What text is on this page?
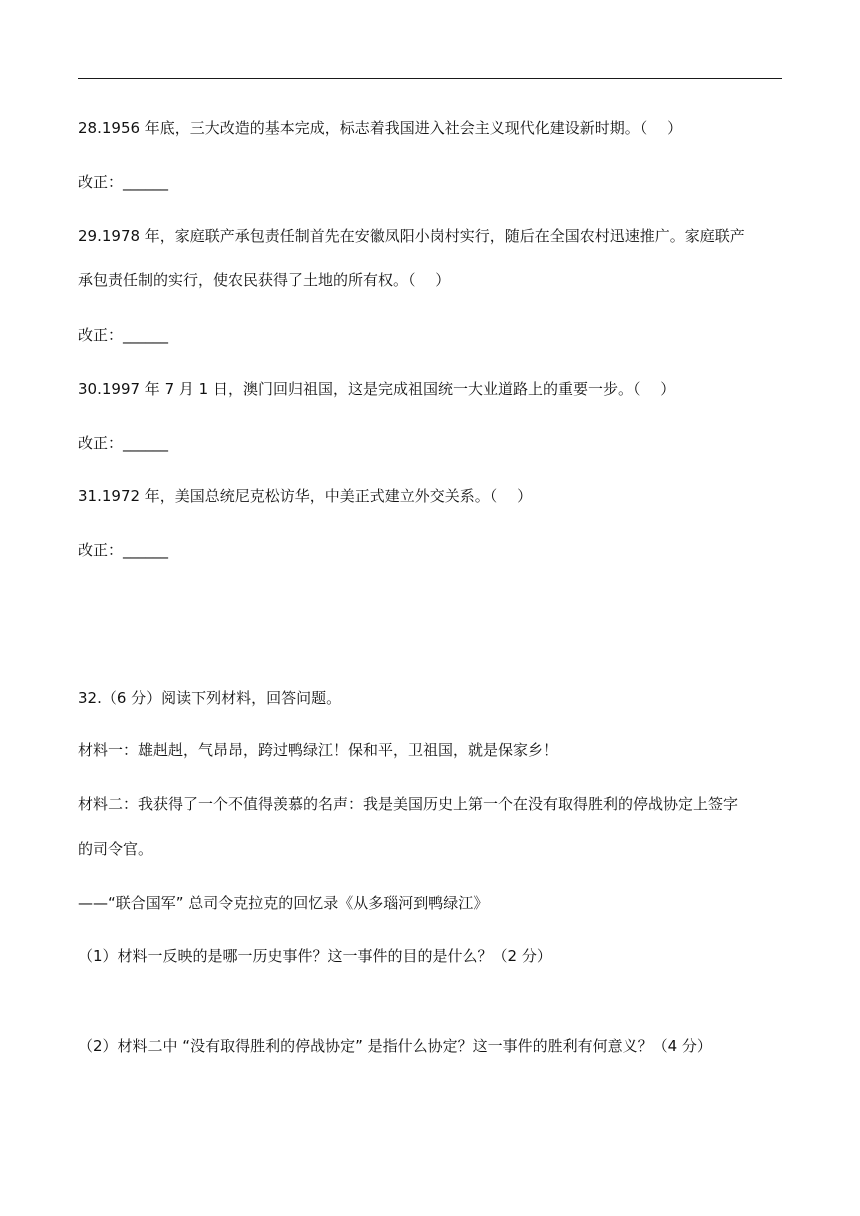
28.1956 年底，三大改造的基本完成，标志着我国进入社会主义现代化建设新时期。（　 ）
改正：______
29.1978 年，家庭联产承包责任制首先在安徽凤阳小岗村实行，随后在全国农村迅速推广。家庭联产
承包责任制的实行，使农民获得了土地的所有权。（　 ）
改正：______
30.1997 年 7 月 1 日，澳门回归祖国，这是完成祖国统一大业道路上的重要一步。（　 ）
改正：______
31.1972 年，美国总统尼克松访华，中美正式建立外交关系。（　 ）
改正：______
32.（6 分）阅读下列材料，回答问题。
材料一：雄赳赳，气昂昂，跨过鸭绿江！保和平，卫祖国，就是保家乡！
材料二：我获得了一个不值得羡慕的名声：我是美国历史上第一个在没有取得胜利的停战协定上签字
的司令官。
——“联合国军” 总司令克拉克的回忆录《从多瑙河到鸭绿江》
（1）材料一反映的是哪一历史事件？这一事件的目的是什么？（2 分）
（2）材料二中 “没有取得胜利的停战协定” 是指什么协定？这一事件的胜利有何意义？（4 分）
